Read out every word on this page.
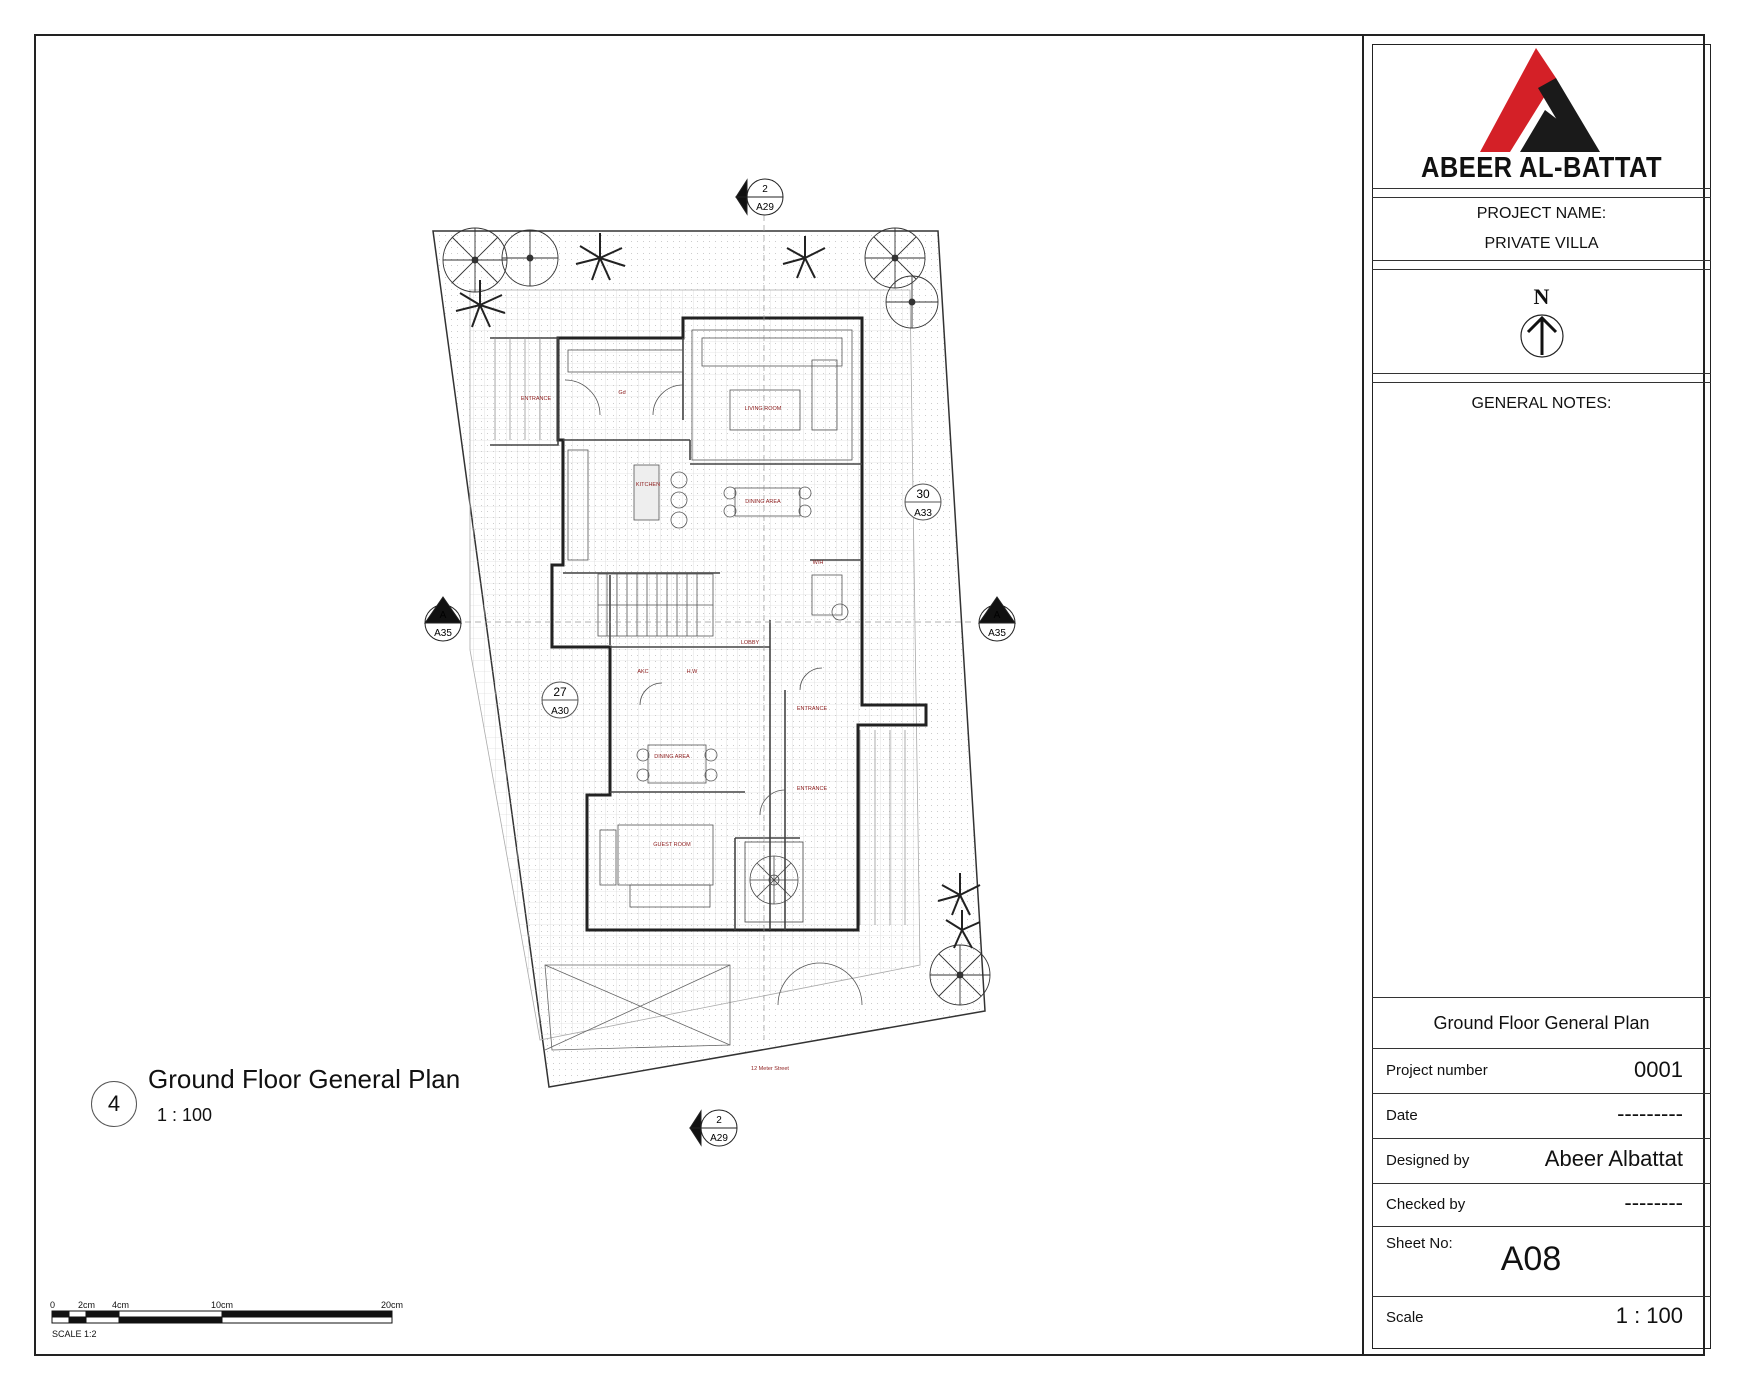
2
A29
2
A29
A
A35
A
A35
30
A33
27
A30
ENTRANCE
Gd
LIVING ROOM
KITCHEN
DINING AREA
W/H
LOBBY
AKC	H.W
ENTRANCE
DINING AREA
ENTRANCE
GUEST ROOM
12 Meter Street
0	2cm 4cm	10cm	20cm
SCALE 1:2
4
Ground Floor General Plan
1 : 100
ABEER AL-BATTAT
PROJECT NAME:
PRIVATE VILLA
N
GENERAL NOTES:
Ground Floor General Plan
Project number	0001
Date	---------
Designed by	Abeer Albattat
Checked by	--------
Sheet No:	A08
Scale	1 : 100
